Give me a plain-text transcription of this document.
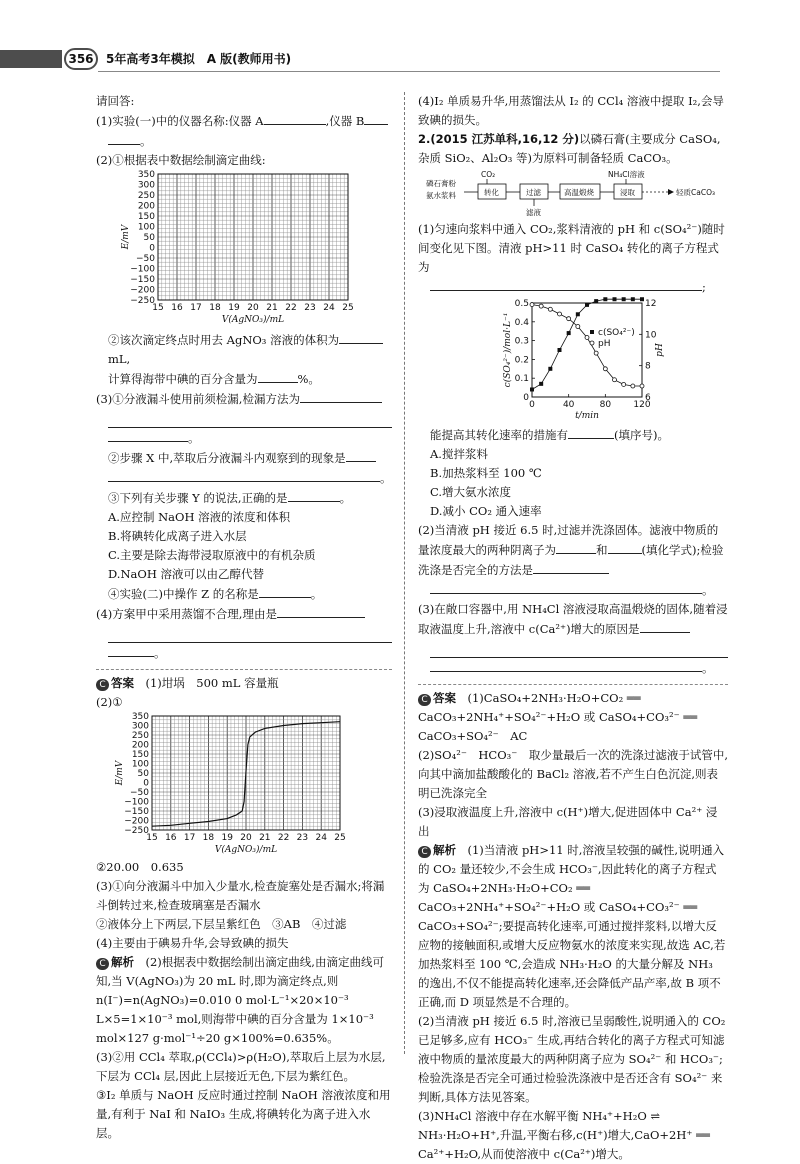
356	5年高考3年模拟　A 版(教师用书)

请回答:

(1)实验(一)中的仪器名称:仪器 A	,仪器 B

。

(2)①根据表中数据绘制滴定曲线:

15 16 17 18 19 20 21 22 23 24 25
350
300
250
200
150
100
50
0
−50
−100
−150
−200
−250
V(AgNO₃)/mL
E/mV

②该次滴定终点时用去 AgNO₃ 溶液的体积为mL,

计算得海带中碘的百分含量为	%。

(3)①分液漏斗使用前须检漏,检漏方法为

。

②步骤 X 中,萃取后分液漏斗内观察到的现象是

。

③下列有关步骤 Y 的说法,正确的是	。

A.应控制 NaOH 溶液的浓度和体积

B.将碘转化成离子进入水层

C.主要是除去海带浸取原液中的有机杂质

D.NaOH 溶液可以由乙醇代替

④实验(二)中操作 Z 的名称是	。

(4)方案甲中采用蒸馏不合理,理由是

。

C 答案　 (1)坩埚　500 mL 容量瓶

(2)①

15 16 17 18 19 20 21 22 23 24 25
350
300
250
200
150
100
50
0
−50
−100
−150
−200
−250
V(AgNO₃)/mL
E/mV

②20.00　0.635

(3)①向分液漏斗中加入少量水,检查旋塞处是否漏水;将漏斗倒转过来,检查玻璃塞是否漏水

②液体分上下两层,下层呈紫红色　③AB　④过滤

(4)主要由于碘易升华,会导致碘的损失

C 解析　 (2)根据表中数据绘制出滴定曲线,由滴定曲线可知,当 V(AgNO₃)为 20 mL 时,即为滴定终点,则 n(I⁻)=n(AgNO₃)=0.010 0 mol·L⁻¹×20×10⁻³ L×5=1×10⁻³ mol,则海带中碘的百分含量为 1×10⁻³ mol×127 g·mol⁻¹÷20 g×100%=0.635%。

(3)②用 CCl₄ 萃取,ρ(CCl₄)>ρ(H₂O),萃取后上层为水层,下层为 CCl₄ 层,因此上层接近无色,下层为紫红色。

③I₂ 单质与 NaOH 反应时通过控制 NaOH 溶液浓度和用量,有利于 NaI 和 NaIO₃ 生成,将碘转化为离子进入水层。

(4)I₂ 单质易升华,用蒸馏法从 I₂ 的 CCl₄ 溶液中提取 I₂,会导致碘的损失。

2.(2015 江苏单科,16,12 分)以磷石膏(主要成分 CaSO₄,杂质 SiO₂、Al₂O₃ 等)为原料可制备轻质 CaCO₃。

磷石膏粉
氨水浆料
CO₂
转化	过滤
滤液
高温煅烧
NH₄Cl溶液
浸取	轻质CaCO₃

(1)匀速向浆料中通入 CO₂,浆料清液的 pH 和 c(SO₄²⁻)随时间变化见下图。清液 pH>11 时 CaSO₄ 转化的离子方程式为

;

0	40	80 120
0
0.1
0.2
0.3
0.4
0.5
6
8
10
12
t/min
c(SO₄²⁻)/mol·L⁻¹	pH
c(SO₄²⁻)
pH

能提高其转化速率的措施有	(填序号)。

A.搅拌浆料

B.加热浆料至 100 ℃

C.增大氨水浓度

D.减小 CO₂ 通入速率

(2)当清液 pH 接近 6.5 时,过滤并洗涤固体。滤液中物质的量浓度最大的两种阴离子为	和	(填化学式);检验洗涤是否完全的方法是

。

(3)在敞口容器中,用 NH₄Cl 溶液浸取高温煅烧的固体,随着浸取液温度上升,溶液中 c(Ca²⁺)增大的原因是

。

C 答案　 (1)CaSO₄+2NH₃·H₂O+CO₂ ══ CaCO₃+2NH₄⁺+SO₄²⁻+H₂O 或 CaSO₄+CO₃²⁻ ══ CaCO₃+SO₄²⁻　AC

(2)SO₄²⁻　HCO₃⁻　取少量最后一次的洗涤过滤液于试管中,向其中滴加盐酸酸化的 BaCl₂ 溶液,若不产生白色沉淀,则表明已洗涤完全

(3)浸取液温度上升,溶液中 c(H⁺)增大,促进固体中 Ca²⁺ 浸出

C 解析　 (1)当清液 pH>11 时,溶液呈较强的碱性,说明通入的 CO₂ 量还较少,不会生成 HCO₃⁻,因此转化的离子方程式为 CaSO₄+2NH₃·H₂O+CO₂ ══ CaCO₃+2NH₄⁺+SO₄²⁻+H₂O 或 CaSO₄+CO₃²⁻ ══ CaCO₃+SO₄²⁻;要提高转化速率,可通过搅拌浆料,以增大反应物的接触面积,或增大反应物氨水的浓度来实现,故选 AC,若加热浆料至 100 ℃,会造成 NH₃·H₂O 的大量分解及 NH₃ 的逸出,不仅不能提高转化速率,还会降低产品产率,故 B 项不正确,而 D 项显然是不合理的。

(2)当清液 pH 接近 6.5 时,溶液已呈弱酸性,说明通入的 CO₂ 已足够多,应有 HCO₃⁻ 生成,再结合转化的离子方程式可知滤液中物质的量浓度最大的两种阴离子应为 SO₄²⁻ 和 HCO₃⁻;检验洗涤是否完全可通过检验洗涤液中是否还含有 SO₄²⁻ 来判断,具体方法见答案。

(3)NH₄Cl 溶液中存在水解平衡 NH₄⁺+H₂O ⇌ NH₃·H₂O+H⁺,升温,平衡右移,c(H⁺)增大,CaO+2H⁺ ══ Ca²⁺+H₂O,从而使溶液中 c(Ca²⁺)增大。
